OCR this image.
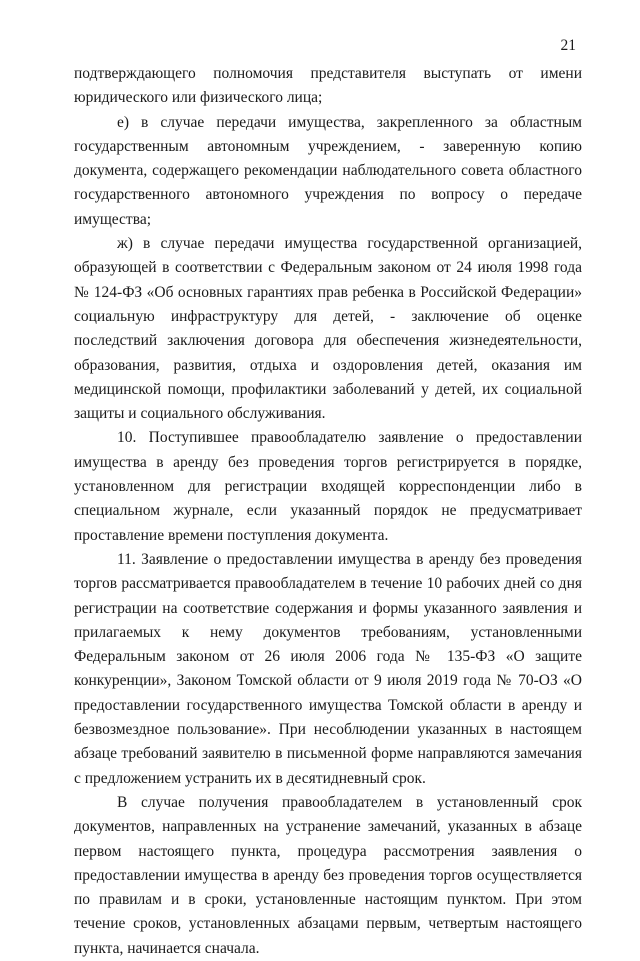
21

подтверждающего полномочия представителя выступать от имени юридического или физического лица;

е) в случае передачи имущества, закрепленного за областным государственным автономным учреждением, - заверенную копию документа, содержащего рекомендации наблюдательного совета областного государственного автономного учреждения по вопросу о передаче имущества;

ж) в случае передачи имущества государственной организацией, образующей в соответствии с Федеральным законом от 24 июля 1998 года № 124-ФЗ «Об основных гарантиях прав ребенка в Российской Федерации» социальную инфраструктуру для детей, - заключение об оценке последствий заключения договора для обеспечения жизнедеятельности, образования, развития, отдыха и оздоровления детей, оказания им медицинской помощи, профилактики заболеваний у детей, их социальной защиты и социального обслуживания.

10. Поступившее правообладателю заявление о предоставлении имущества в аренду без проведения торгов регистрируется в порядке, установленном для регистрации входящей корреспонденции либо в специальном журнале, если указанный порядок не предусматривает проставление времени поступления документа.

11. Заявление о предоставлении имущества в аренду без проведения торгов рассматривается правообладателем в течение 10 рабочих дней со дня регистрации на соответствие содержания и формы указанного заявления и прилагаемых к нему документов требованиям, установленными Федеральным законом от 26 июля 2006 года № 135-ФЗ «О защите конкуренции», Законом Томской области от 9 июля 2019 года № 70-ОЗ «О предоставлении государственного имущества Томской области в аренду и безвозмездное пользование». При несоблюдении указанных в настоящем абзаце требований заявителю в письменной форме направляются замечания с предложением устранить их в десятидневный срок.

В случае получения правообладателем в установленный срок документов, направленных на устранение замечаний, указанных в абзаце первом настоящего пункта, процедура рассмотрения заявления о предоставлении имущества в аренду без проведения торгов осуществляется по правилам и в сроки, установленные настоящим пунктом. При этом течение сроков, установленных абзацами первым, четвертым настоящего пункта, начинается сначала.
